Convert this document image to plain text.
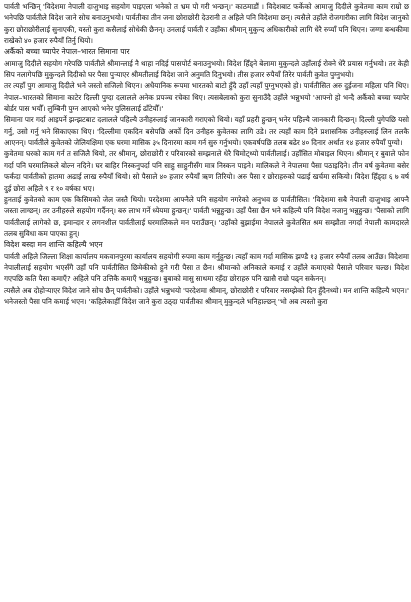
पार्वती भन्छिन् 'विदेशमा नेपाली दाजुभाइ सहयोग पाइएला भनेको त भ्रम पो गरी भन्छन्।' काठमाडौं । विदेशबाट फर्केको आमाजु दिदीले कुवेतमा काम राम्रो छ भनेपछि पार्वतीले विदेश जाने सोच बनाउनुभयो। पार्वतीका तीन जना छोराछोरी देउरानी त अहिले पनि विदेशमा छन्। त्यसैले उहाँले रोजगारीका लागि विदेश जानुको कुरा छोराछोरीलाई सुनाएकी, यस्तो कुरा कसैलाई सोधेकी छैनन्। उनलाई पार्वती र उहाँका श्रीमान् मुकुन्द अधिकारीको लागि धेरै रुप्याँ पनि थिएन। जग्गा बन्धकीमा राखेको ४० हजार रुपैयाँ तिर्नु थियो।

अर्कैको बच्चा च्यापेर नेपाल–भारत सिमाना पार

आमाजु दिदीले सहयोग गरेपछि पार्वतीले श्रीमान्लाई नै थाहा नदिई पासपोर्ट बनाउनुभयो। विदेश हिँड्ने बेलामा मुकुन्दले उहाँलाई रोक्ने धेरै प्रयास गर्नुभयो। तर केही सिप नलागेपछि मुकुन्दले दिदीको घर पैसा पुऱ्याएर श्रीमतीलाई विदेश जाने अनुमति दिनुभयो। तीस हजार रुपैयाँ तिरेर पार्वती कुवेत पुग्नुभयो।

तर त्यहाँ पुग आमाजु दिदीले भने जस्तो सजिलो थिएन। अधैयानिक रूपमा भारतको बाटो हुँदै उहाँ त्यहाँ पुग्नुभएको हो। पार्वतीसित अरु दुईजना महिला पनि थिए। नेपाल–भारतको सिमाना काटेर दिल्ली पुग्दा दलालले अनेक प्रपञ्च रचेका थिए। त्यसबेलाको कुरा सुनाउँदै उहाँले भन्नुभयो 'आफ्नो हो भन्दै अर्कैको बच्चा च्यापेर बोर्डर पास भयौँ। लुम्बिनी पुग्न आएको भनेर पुलिसलाई ढाँटेयौँ।'

सिमाना पार गर्दा आइपर्ने झन्झटबाट दलालले पहिल्यै उनीहरुलाई जानकारी गराएको थियो। यहाँ प्रहरी हुन्छन् भनेर पहिल्यै जानकारी दिन्छन्। दिल्ली पुगेपछि यसो गर्नु, उसो गर्नु भने सिकाएका थिए। 'दिल्लीमा एकदिन बसेपछि अर्को दिन उनीहरु कुवेतका लागि उडे। तर त्यहाँ काम दिने प्रशासनिक उनीहरुलाई लिन तलकै आएनन्। पार्वतीले कुवेतको जेलियक्षिमा एक घरमा मासिक ३५ दिनारमा काम गर्न सुरु गर्नुभयो। एकवर्षपछि तलब बढेर ४० दिनार अर्थात १४ हजार रुपैयाँ पुग्यो।

कुवेतमा घरको काम गर्न त सजिलै थियो, तर श्रीमान्, छोराछोरी र परिवारको सम्झनाले धेरै चिमोट्थ्यो पार्वतीलाई। उहाँसित मोबाइल थिएन। श्रीमान् र बुवाले फोन गर्दा पनि घरमालिकले बोल्न नदिने। घर बाहिर निस्कनुपर्दा पनि साहु साहुनीसँग मात्र निस्कन पाइने। मालिकले ने नेपालमा पैसा पठाइदिने। तीन वर्ष कुवेतमा बसेर फर्कंदा पार्वतीको हातमा अढाई लाख रुपैयाँ थियो। सो पैसाले ४० हजार रुपैयाँ ऋण तिरियो। अरु पैसा र छोराहरुको पढाई खर्चमा सकियो। विदेश हिँड्दा ६ ७ वर्ष दुई छोरा अहिले ९ र १० वर्षका भए।

हुनताई कुवेतको काम एक किसिमको जेल जस्तै थियो। परदेशमा आफ्नैले पनि सहयोग नगरेको अनुभव छ पार्वतीसित। 'विदेशमा सबै नेपाली दाजुभाइ आफ्नै जस्ता लाग्छन्। तर उनीहरुले सहयोग गर्दैनन्। बरु लाभ गर्ने ध्येयमा हुन्छन्।' पार्वती भन्नुहुन्छ। उहाँ पैसा छैन भने कहिल्यै पनि विदेश नजानु भन्नुहुन्छ। 'पैसाको लागि पार्वतीलाई लागेको छ, इमान्दार र लगनशील पार्वतीलाई घरमालिकले मन पराउँछन्। 'उहाँको बुझाईमा नेपालले कुवेतसित श्रम सम्झौता नगर्दा नेपाली कामदारले तलब सुविधा कम पाएका हुन्।

विदेश बस्दा मन शान्ति कहिल्यै भएन

पार्वती अहिले जिल्ला शिक्षा कार्यालय मकवानपुरमा कार्यालय सहयोगी रुपमा काम गर्नुहुन्छ। त्यहाँ काम गर्दा मासिक झण्डै १३ हजार रुपैयाँ तलब आउँछ। विदेशमा नेपालीलाई सहयोग भएसँगै उहाँ पनि पार्वतीसित छिमेकीको हुने गरी पैसा त छैन। श्रीमान्को अनिकाले कमाई र उहाँले कमाएको पैसाले परिवार चल्छ। विदेश गएपछि कति पैसा कमाएँ? अहिले पनि उत्तिकै कमाएँ भन्नुहुन्छ। बुबाको मासु साथमा रहँदा छोराहरु पनि खासै राम्रो पढ्न सकेनन्।

त्यसैले अब दोहोऱ्याएर विदेश जाने सोच छैन् पार्वतीको। उहाँले भन्नुभयो 'परदेशमा श्रीमान्, छोराछोरी र परिवार नसम्झेको दिन हुँदैनथ्यो। मन शान्ति कहिल्यै भएन।' भनेजस्तो पैसा पनि कमाई भएन। 'कहिलेकाहीँ विदेश जाने कुरा उठ्दा पार्वतीका श्रीमान् मुकुन्दले भनिहाल्छन् 'भो अब त्यस्तो कुरा
